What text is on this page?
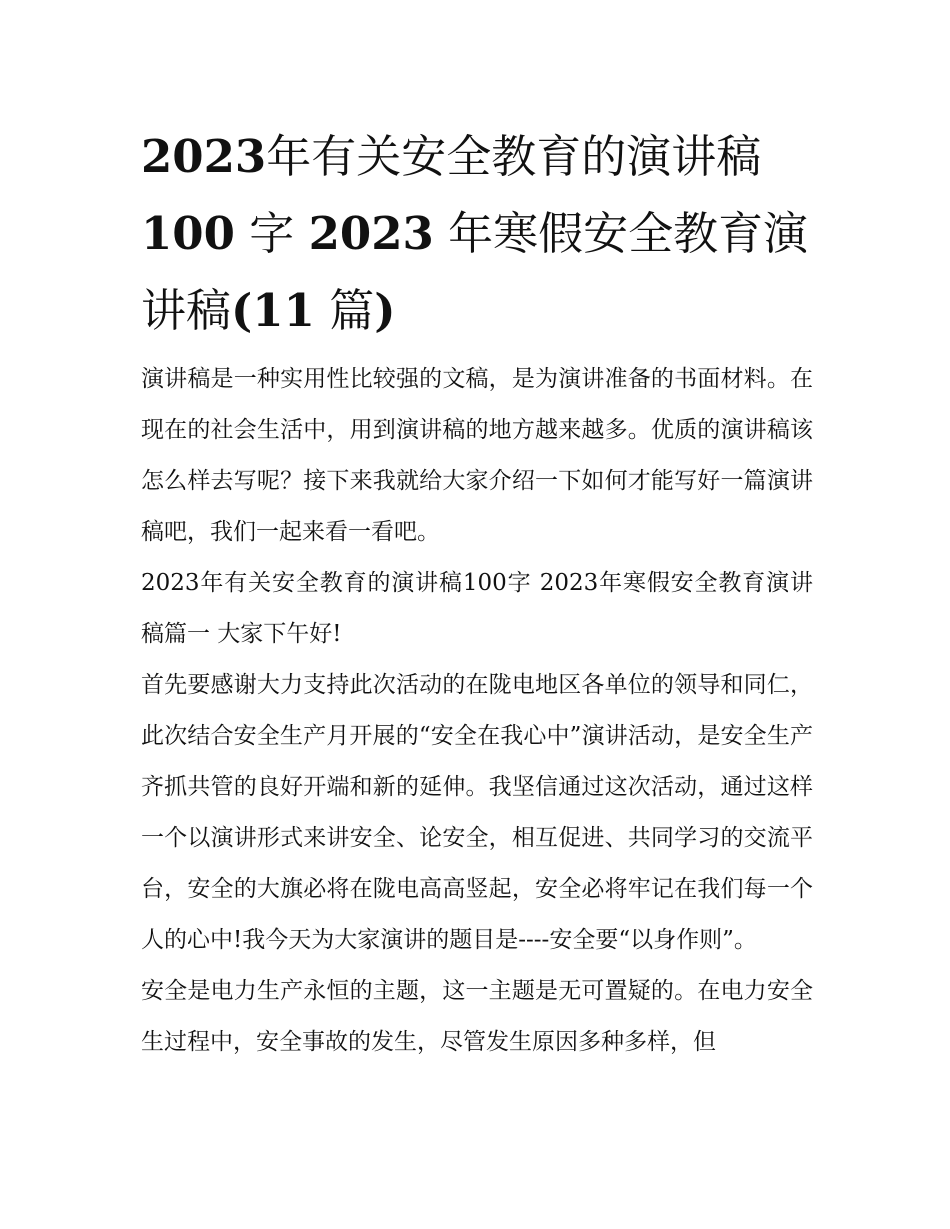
2023年有关安全教育的演讲稿
100 字 2023 年寒假安全教育演讲稿(11 篇)

演讲稿是一种实用性比较强的文稿，是为演讲准备的书面材料。在现在的社会生活中，用到演讲稿的地方越来越多。优质的演讲稿该怎么样去写呢？接下来我就给大家介绍一下如何才能写好一篇演讲稿吧，我们一起来看一看吧。

2023年有关安全教育的演讲稿100字 2023年寒假安全教育演讲稿篇一 大家下午好!

首先要感谢大力支持此次活动的在陇电地区各单位的领导和同仁，此次结合安全生产月开展的“安全在我心中”演讲活动，是安全生产齐抓共管的良好开端和新的延伸。我坚信通过这次活动，通过这样一个以演讲形式来讲安全、论安全，相互促进、共同学习的交流平台，安全的大旗必将在陇电高高竖起，安全必将牢记在我们每一个人的心中!我今天为大家演讲的题目是----安全要“以身作则”。

安全是电力生产永恒的主题，这一主题是无可置疑的。在电力安全生过程中，安全事故的发生，尽管发生原因多种多样，但
